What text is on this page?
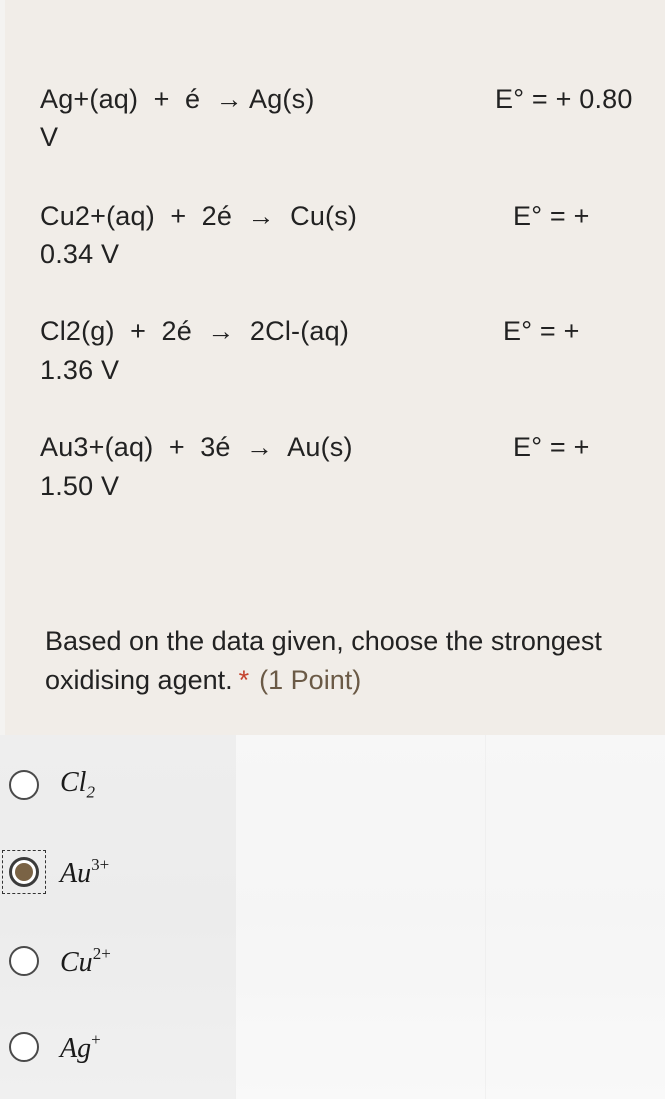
Ag+(aq)  +  é  → Ag(s)	E° = + 0.80
V
Cu2+(aq)  +  2é  →  Cu(s)	E° = +
0.34 V
Cl2(g)  +  2é  →  2Cl-(aq)	E° = +
1.36 V
Au3+(aq)  +  3é  →  Au(s)	E° = +
1.50 V
Based on the data given, choose the strongest oxidising agent. * (1 Point)
$Cl_2$
$Au^{3+}$
$Cu^{2+}$
Ag+
